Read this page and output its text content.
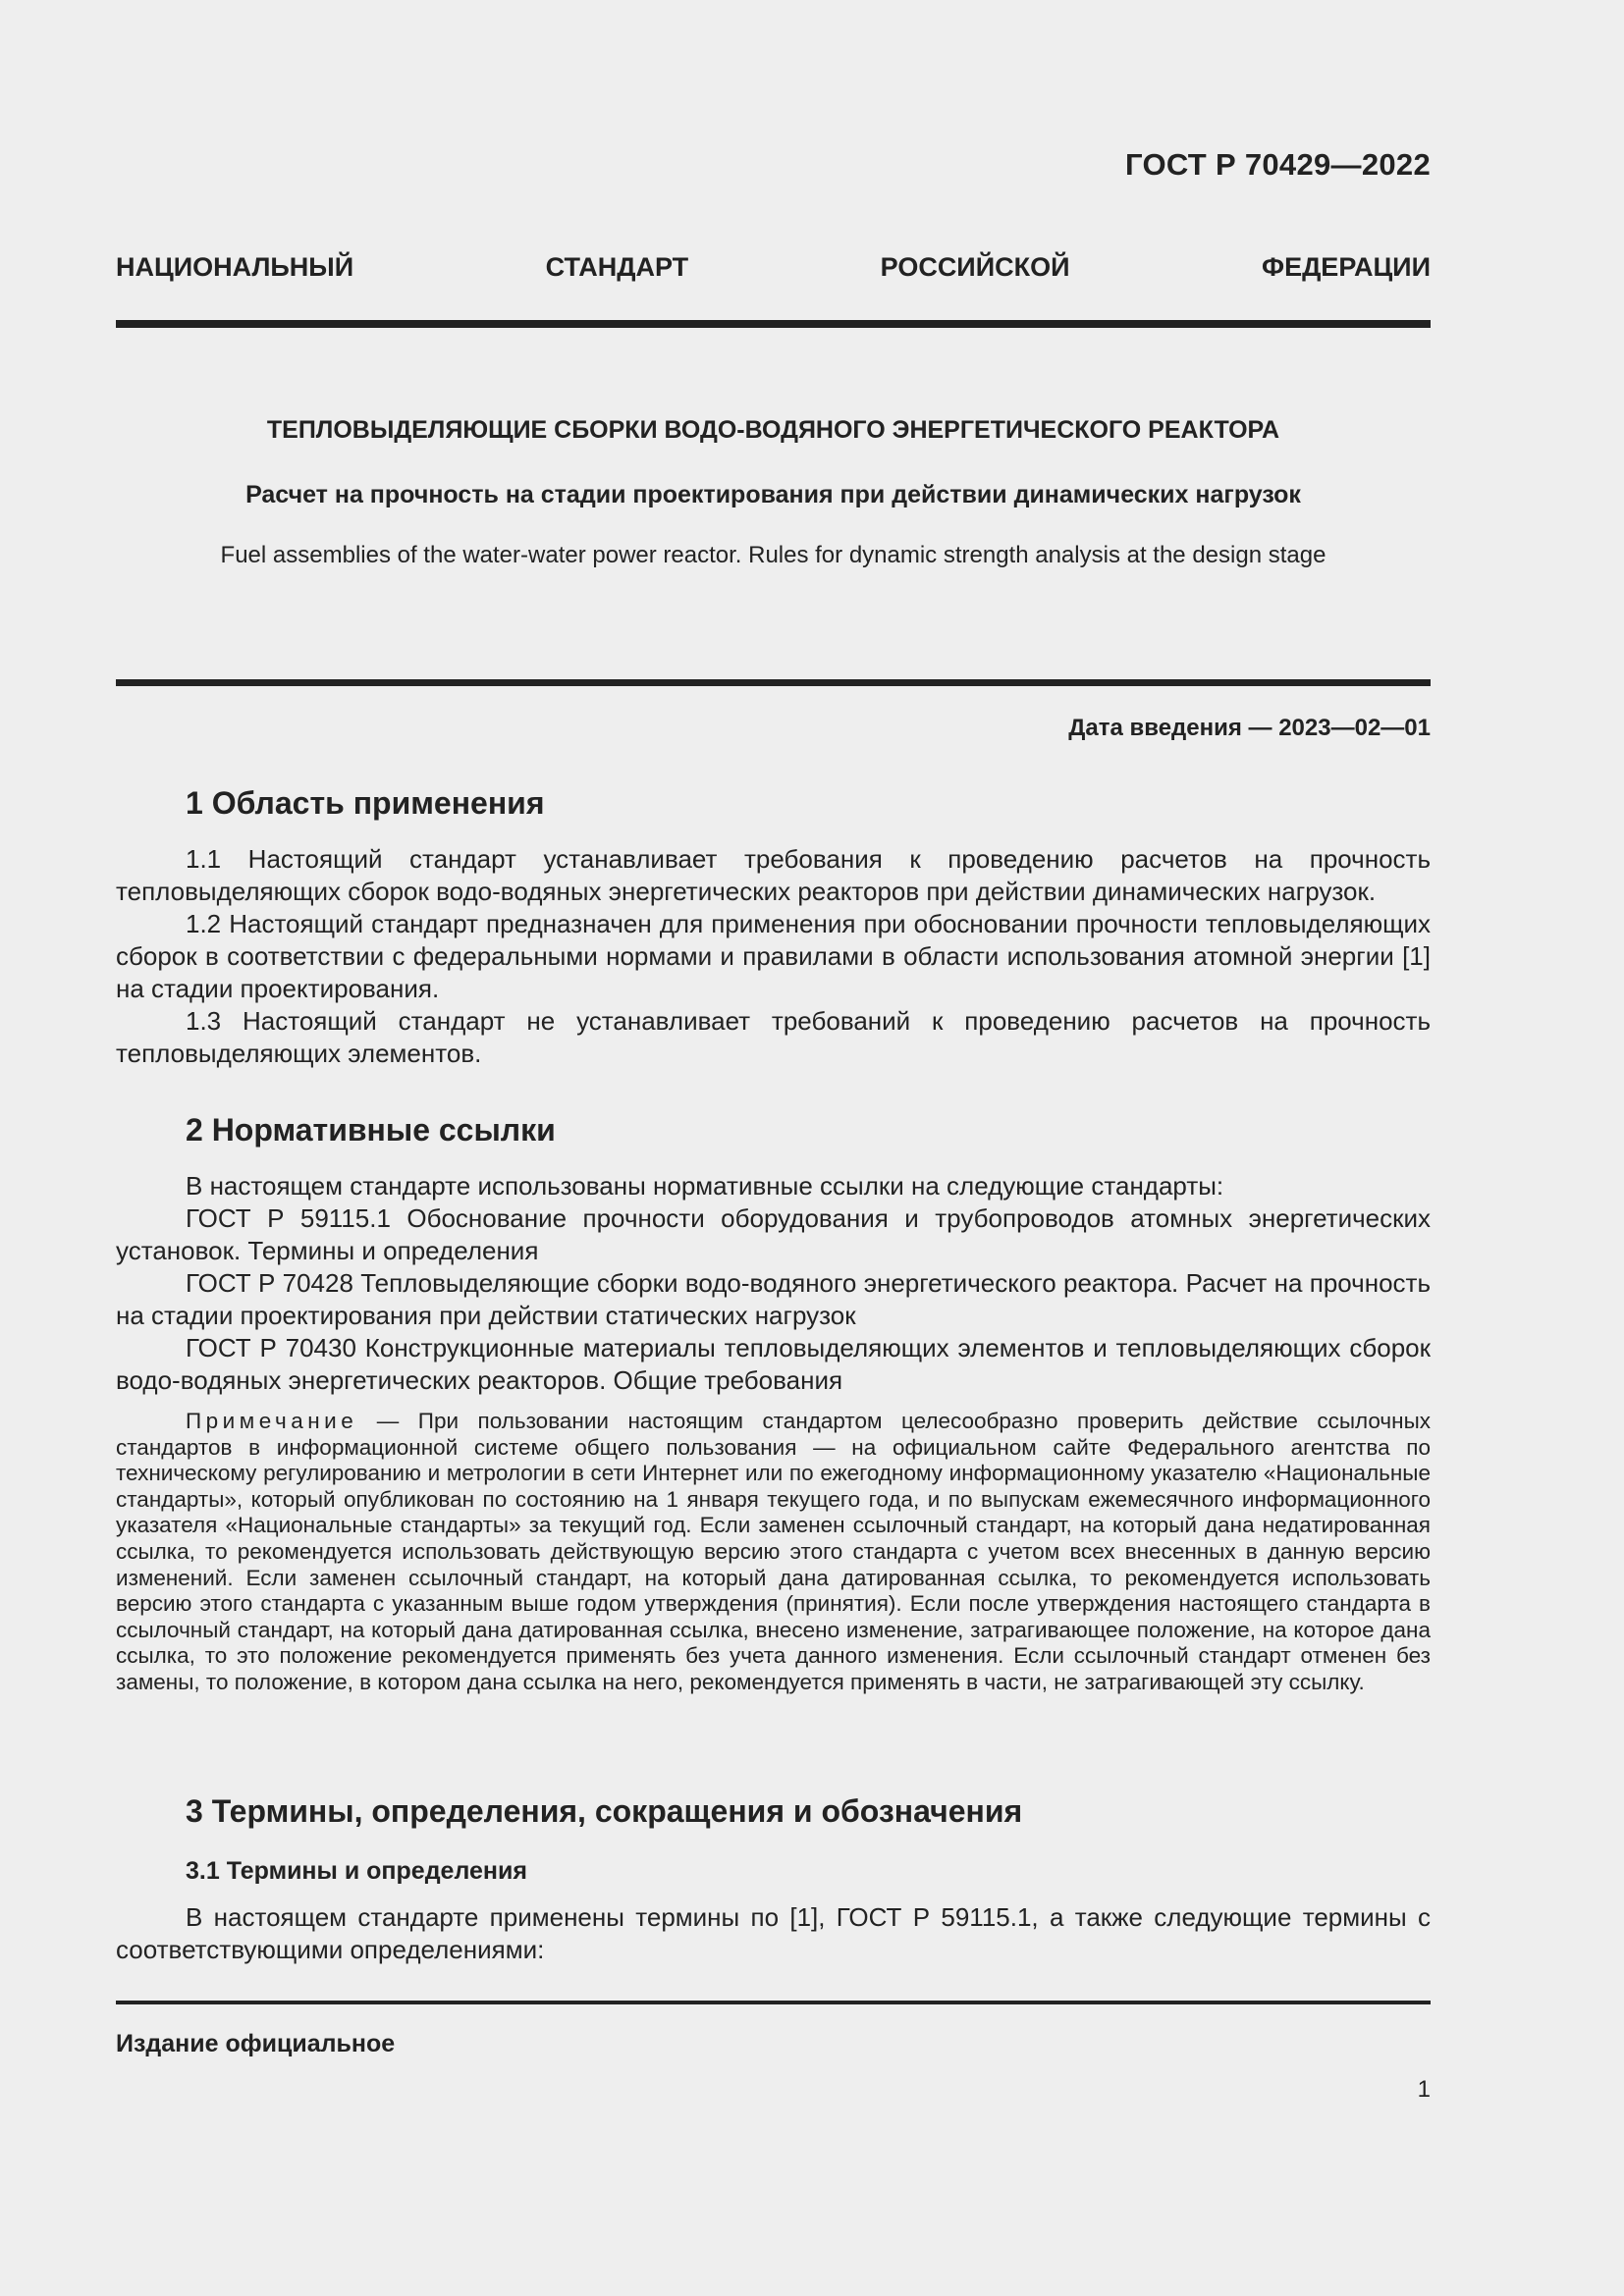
ГОСТ Р 70429—2022
НАЦИОНАЛЬНЫЙ СТАНДАРТ РОССИЙСКОЙ ФЕДЕРАЦИИ
ТЕПЛОВЫДЕЛЯЮЩИЕ СБОРКИ ВОДО-ВОДЯНОГО ЭНЕРГЕТИЧЕСКОГО РЕАКТОРА
Расчет на прочность на стадии проектирования при действии динамических нагрузок
Fuel assemblies of the water-water power reactor. Rules for dynamic strength analysis at the design stage
Дата введения — 2023—02—01
1 Область применения

1.1 Настоящий стандарт устанавливает требования к проведению расчетов на прочность тепловыделяющих сборок водо-водяных энергетических реакторов при действии динамических нагрузок.

1.2 Настоящий стандарт предназначен для применения при обосновании прочности тепловыделяющих сборок в соответствии с федеральными нормами и правилами в области использования атомной энергии [1] на стадии проектирования.

1.3 Настоящий стандарт не устанавливает требований к проведению расчетов на прочность тепловыделяющих элементов.

2 Нормативные ссылки

В настоящем стандарте использованы нормативные ссылки на следующие стандарты:

ГОСТ Р 59115.1 Обоснование прочности оборудования и трубопроводов атомных энергетических установок. Термины и определения

ГОСТ Р 70428 Тепловыделяющие сборки водо-водяного энергетического реактора. Расчет на прочность на стадии проектирования при действии статических нагрузок

ГОСТ Р 70430 Конструкционные материалы тепловыделяющих элементов и тепловыделяющих сборок водо-водяных энергетических реакторов. Общие требования

Примечание — При пользовании настоящим стандартом целесообразно проверить действие ссылочных стандартов в информационной системе общего пользования — на официальном сайте Федерального агентства по техническому регулированию и метрологии в сети Интернет или по ежегодному информационному указателю «Национальные стандарты», который опубликован по состоянию на 1 января текущего года, и по выпускам ежемесячного информационного указателя «Национальные стандарты» за текущий год. Если заменен ссылочный стандарт, на который дана недатированная ссылка, то рекомендуется использовать действующую версию этого стандарта с учетом всех внесенных в данную версию изменений. Если заменен ссылочный стандарт, на который дана датированная ссылка, то рекомендуется использовать версию этого стандарта с указанным выше годом утверждения (принятия). Если после утверждения настоящего стандарта в ссылочный стандарт, на который дана датированная ссылка, внесено изменение, затрагивающее положение, на которое дана ссылка, то это положение рекомендуется применять без учета данного изменения. Если ссылочный стандарт отменен без замены, то положение, в котором дана ссылка на него, рекомендуется применять в части, не затрагивающей эту ссылку.

3 Термины, определения, сокращения и обозначения
3.1 Термины и определения

В настоящем стандарте применены термины по [1], ГОСТ Р 59115.1, а также следующие термины с соответствующими определениями:

Издание официальное
1
